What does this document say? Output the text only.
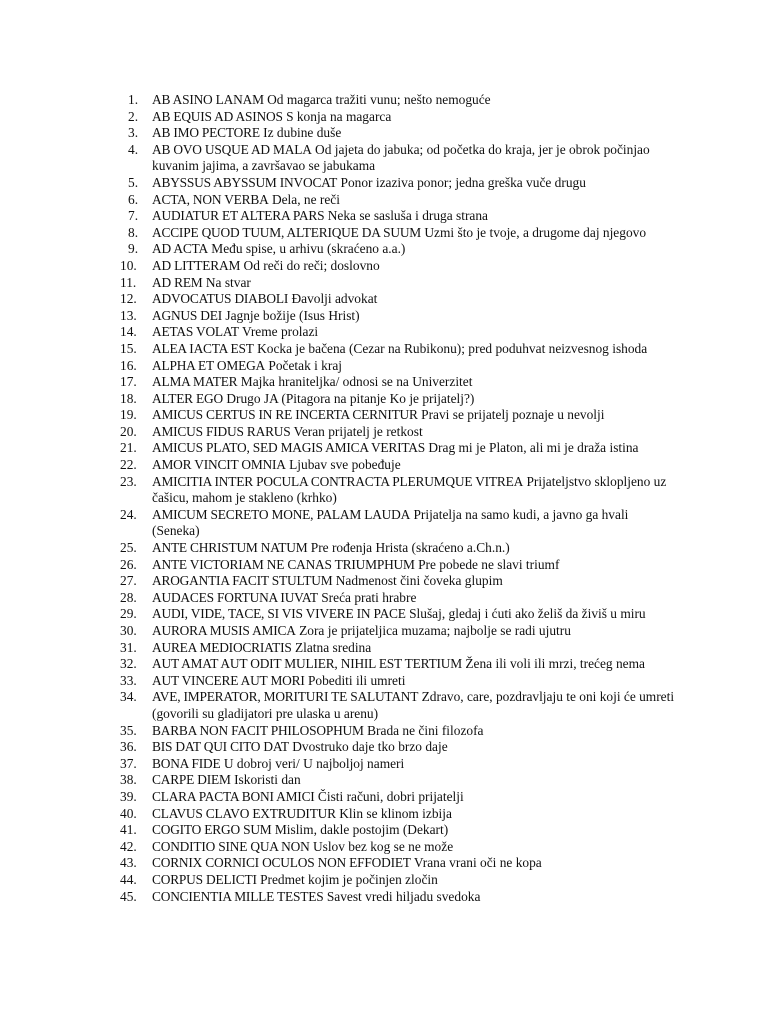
1.	AB ASINO LANAM Od magarca tražiti vunu; nešto nemoguće
2.	AB EQUIS AD ASINOS S konja na magarca
3.	AB IMO PECTORE Iz dubine duše
4.	AB OVO USQUE AD MALA Od jajeta do jabuka; od početka do kraja, jer je obrok počinjao kuvanim jajima, a završavao se jabukama
5.	ABYSSUS ABYSSUM INVOCAT Ponor izaziva ponor; jedna greška vuče drugu
6.	ACTA, NON VERBA Dela, ne reči
7.	AUDIATUR ET ALTERA PARS Neka se sasluša i druga strana
8.	ACCIPE QUOD TUUM, ALTERIQUE DA SUUM Uzmi što je tvoje, a drugome daj njegovo
9.	AD ACTA Među spise, u arhivu (skraćeno a.a.)
10.	AD LITTERAM Od reči do reči; doslovno
11.	AD REM Na stvar
12.	ADVOCATUS DIABOLI Đavolji advokat
13.	AGNUS DEI Jagnje božije (Isus Hrist)
14.	AETAS VOLAT Vreme prolazi
15.	ALEA IACTA EST Kocka je bačena (Cezar na Rubikonu); pred poduhvat neizvesnog ishoda
16.	ALPHA ET OMEGA Početak i kraj
17.	ALMA MATER Majka hraniteljka/ odnosi se na Univerzitet
18.	ALTER EGO Drugo JA (Pitagora na pitanje Ko je prijatelj?)
19.	AMICUS CERTUS IN RE INCERTA CERNITUR Pravi se prijatelj poznaje u nevolji
20.	AMICUS FIDUS RARUS Veran prijatelj je retkost
21.	AMICUS PLATO, SED MAGIS AMICA VERITAS Drag mi je Platon, ali mi je draža istina
22.	AMOR VINCIT OMNIA Ljubav sve pobeđuje
23.	AMICITIA INTER POCULA CONTRACTA PLERUMQUE VITREA Prijateljstvo sklopljeno uz čašicu, mahom je stakleno (krhko)
24.	AMICUM SECRETO MONE, PALAM LAUDA Prijatelja na samo kudi, a javno ga hvali (Seneka)
25.	ANTE CHRISTUM NATUM Pre rođenja Hrista (skraćeno a.Ch.n.)
26.	ANTE VICTORIAM NE CANAS TRIUMPHUM Pre pobede ne slavi triumf
27.	AROGANTIA FACIT STULTUM Nadmenost čini čoveka glupim
28.	AUDACES FORTUNA IUVAT Sreća prati hrabre
29.	AUDI, VIDE, TACE, SI VIS VIVERE IN PACE Slušaj, gledaj i ćuti ako želiš da živiš u miru
30.	AURORA MUSIS AMICA Zora je prijateljica muzama; najbolje se radi ujutru
31.	AUREA MEDIOCRIATIS Zlatna sredina
32.	AUT AMAT AUT ODIT MULIER, NIHIL EST TERTIUM Žena ili voli ili mrzi, trećeg nema
33.	AUT VINCERE AUT MORI Pobediti ili umreti
34.	AVE, IMPERATOR, MORITURI TE SALUTANT Zdravo, care, pozdravljaju te oni koji će umreti (govorili su gladijatori pre ulaska u arenu)
35.	BARBA NON FACIT PHILOSOPHUM Brada ne čini filozofa
36.	BIS DAT QUI CITO DAT Dvostruko daje tko brzo daje
37.	BONA FIDE U dobroj veri/ U najboljoj nameri
38.	CARPE DIEM Iskoristi dan
39.	CLARA PACTA BONI AMICI Čisti računi, dobri prijatelji
40.	CLAVUS CLAVO EXTRUDITUR Klin se klinom izbija
41.	COGITO ERGO SUM Mislim, dakle postojim (Dekart)
42.	CONDITIO SINE QUA NON Uslov bez kog se ne može
43.	CORNIX CORNICI OCULOS NON EFFODIET Vrana vrani oči ne kopa
44.	CORPUS DELICTI Predmet kojim je počinjen zločin
45.	CONCIENTIA MILLE TESTES Savest vredi hiljadu svedoka
